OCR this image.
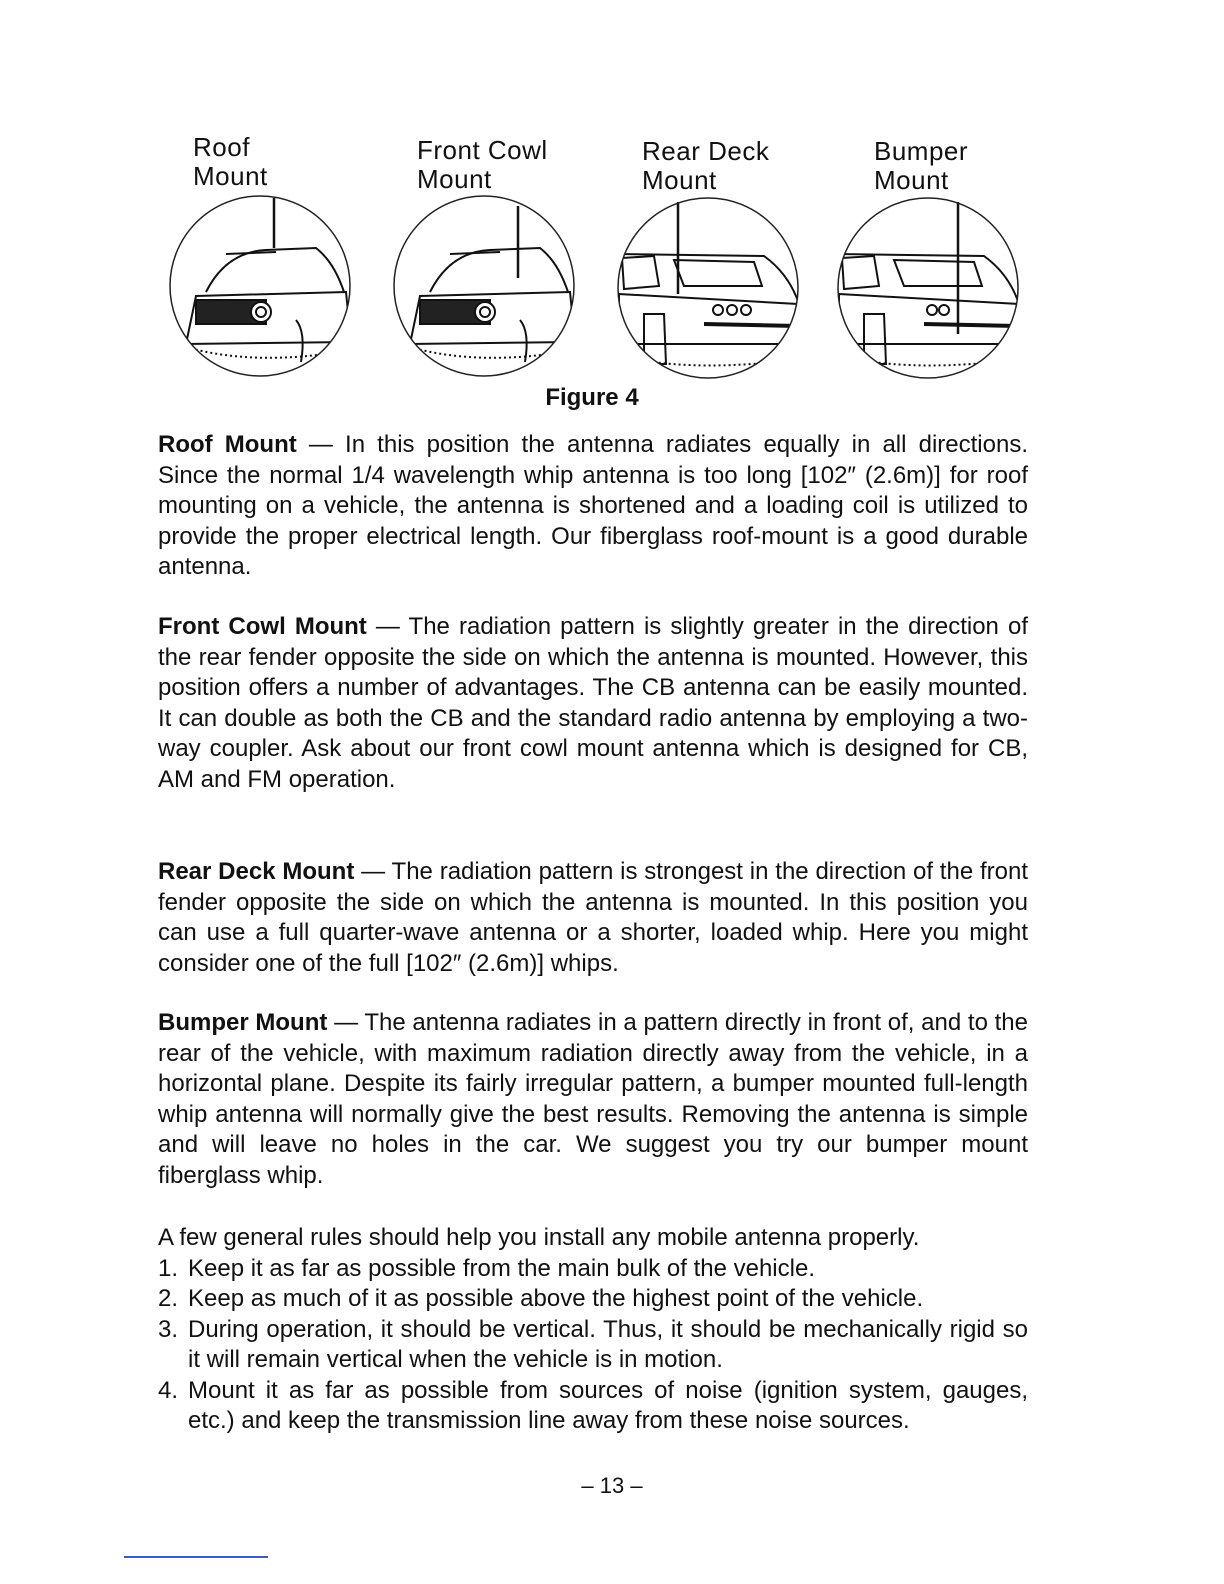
Roof
Mount
Front Cowl
Mount
Rear Deck
Mount
Bumper
Mount
Figure 4

Roof Mount — In this position the antenna radiates equally in all directions. Since the normal 1/4 wavelength whip antenna is too long [102″ (2.6m)] for roof mounting on a vehicle, the antenna is shortened and a loading coil is utilized to provide the proper electrical length. Our fiberglass roof-mount is a good durable antenna.

Front Cowl Mount — The radiation pattern is slightly greater in the direction of the rear fender opposite the side on which the antenna is mounted. However, this position offers a number of advantages. The CB antenna can be easily mounted. It can double as both the CB and the standard radio antenna by employing a two-way coupler. Ask about our front cowl mount antenna which is designed for CB, AM and FM operation.

Rear Deck Mount — The radiation pattern is strongest in the direction of the front fender opposite the side on which the antenna is mounted. In this position you can use a full quarter-wave antenna or a shorter, loaded whip. Here you might consider one of the full [102″ (2.6m)] whips.

Bumper Mount — The antenna radiates in a pattern directly in front of, and to the rear of the vehicle, with maximum radiation directly away from the vehicle, in a horizontal plane. Despite its fairly irregular pattern, a bumper mounted full-length whip antenna will normally give the best results. Removing the antenna is simple and will leave no holes in the car. We suggest you try our bumper mount fiberglass whip.

A few general rules should help you install any mobile antenna properly.

1. Keep it as far as possible from the main bulk of the vehicle.
2. Keep as much of it as possible above the highest point of the vehicle.
3. During operation, it should be vertical. Thus, it should be mechanically rigid so it will remain vertical when the vehicle is in motion.
4. Mount it as far as possible from sources of noise (ignition system, gauges, etc.) and keep the transmission line away from these noise sources.
– 13 –
